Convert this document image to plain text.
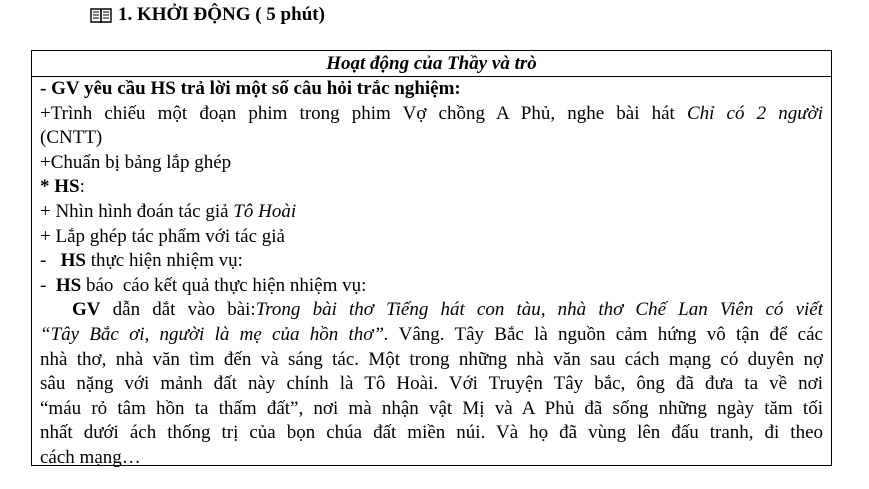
1. KHỞI ĐỘNG ( 5 phút)
Hoạt động của Thầy và trò
- GV yêu cầu HS trả lời một số câu hỏi trắc nghiệm:
+Trình chiếu một đoạn phim trong phim Vợ chồng A Phủ, nghe bài hát Chỉ có 2 người
(CNTT)
+Chuẩn bị bảng lắp ghép
* HS:
+ Nhìn hình đoán tác giả Tô Hoài
+ Lắp ghép tác phẩm với tác giả
-   HS thực hiện nhiệm vụ:
-  HS báo  cáo kết quả thực hiện nhiệm vụ:
GV dẫn dắt vào bài:Trong bài thơ Tiếng hát con tàu, nhà thơ Chế Lan Viên có viết
“Tây Bắc ơi, người là mẹ của hồn thơ”. Vâng. Tây Bắc là nguồn cảm hứng vô tận để các
nhà thơ, nhà văn tìm đến và sáng tác. Một trong những nhà văn sau cách mạng có duyên nợ
sâu nặng với mảnh đất này chính là Tô Hoài. Với Truyện Tây bắc, ông đã đưa ta về nơi
“máu rỏ tâm hồn ta thấm đất”, nơi mà nhận vật Mị và A Phủ đã sống những ngày tăm tối
nhất dưới ách thống trị của bọn chúa đất miền núi. Và họ đã vùng lên đấu tranh, đi theo
cách mạng…
